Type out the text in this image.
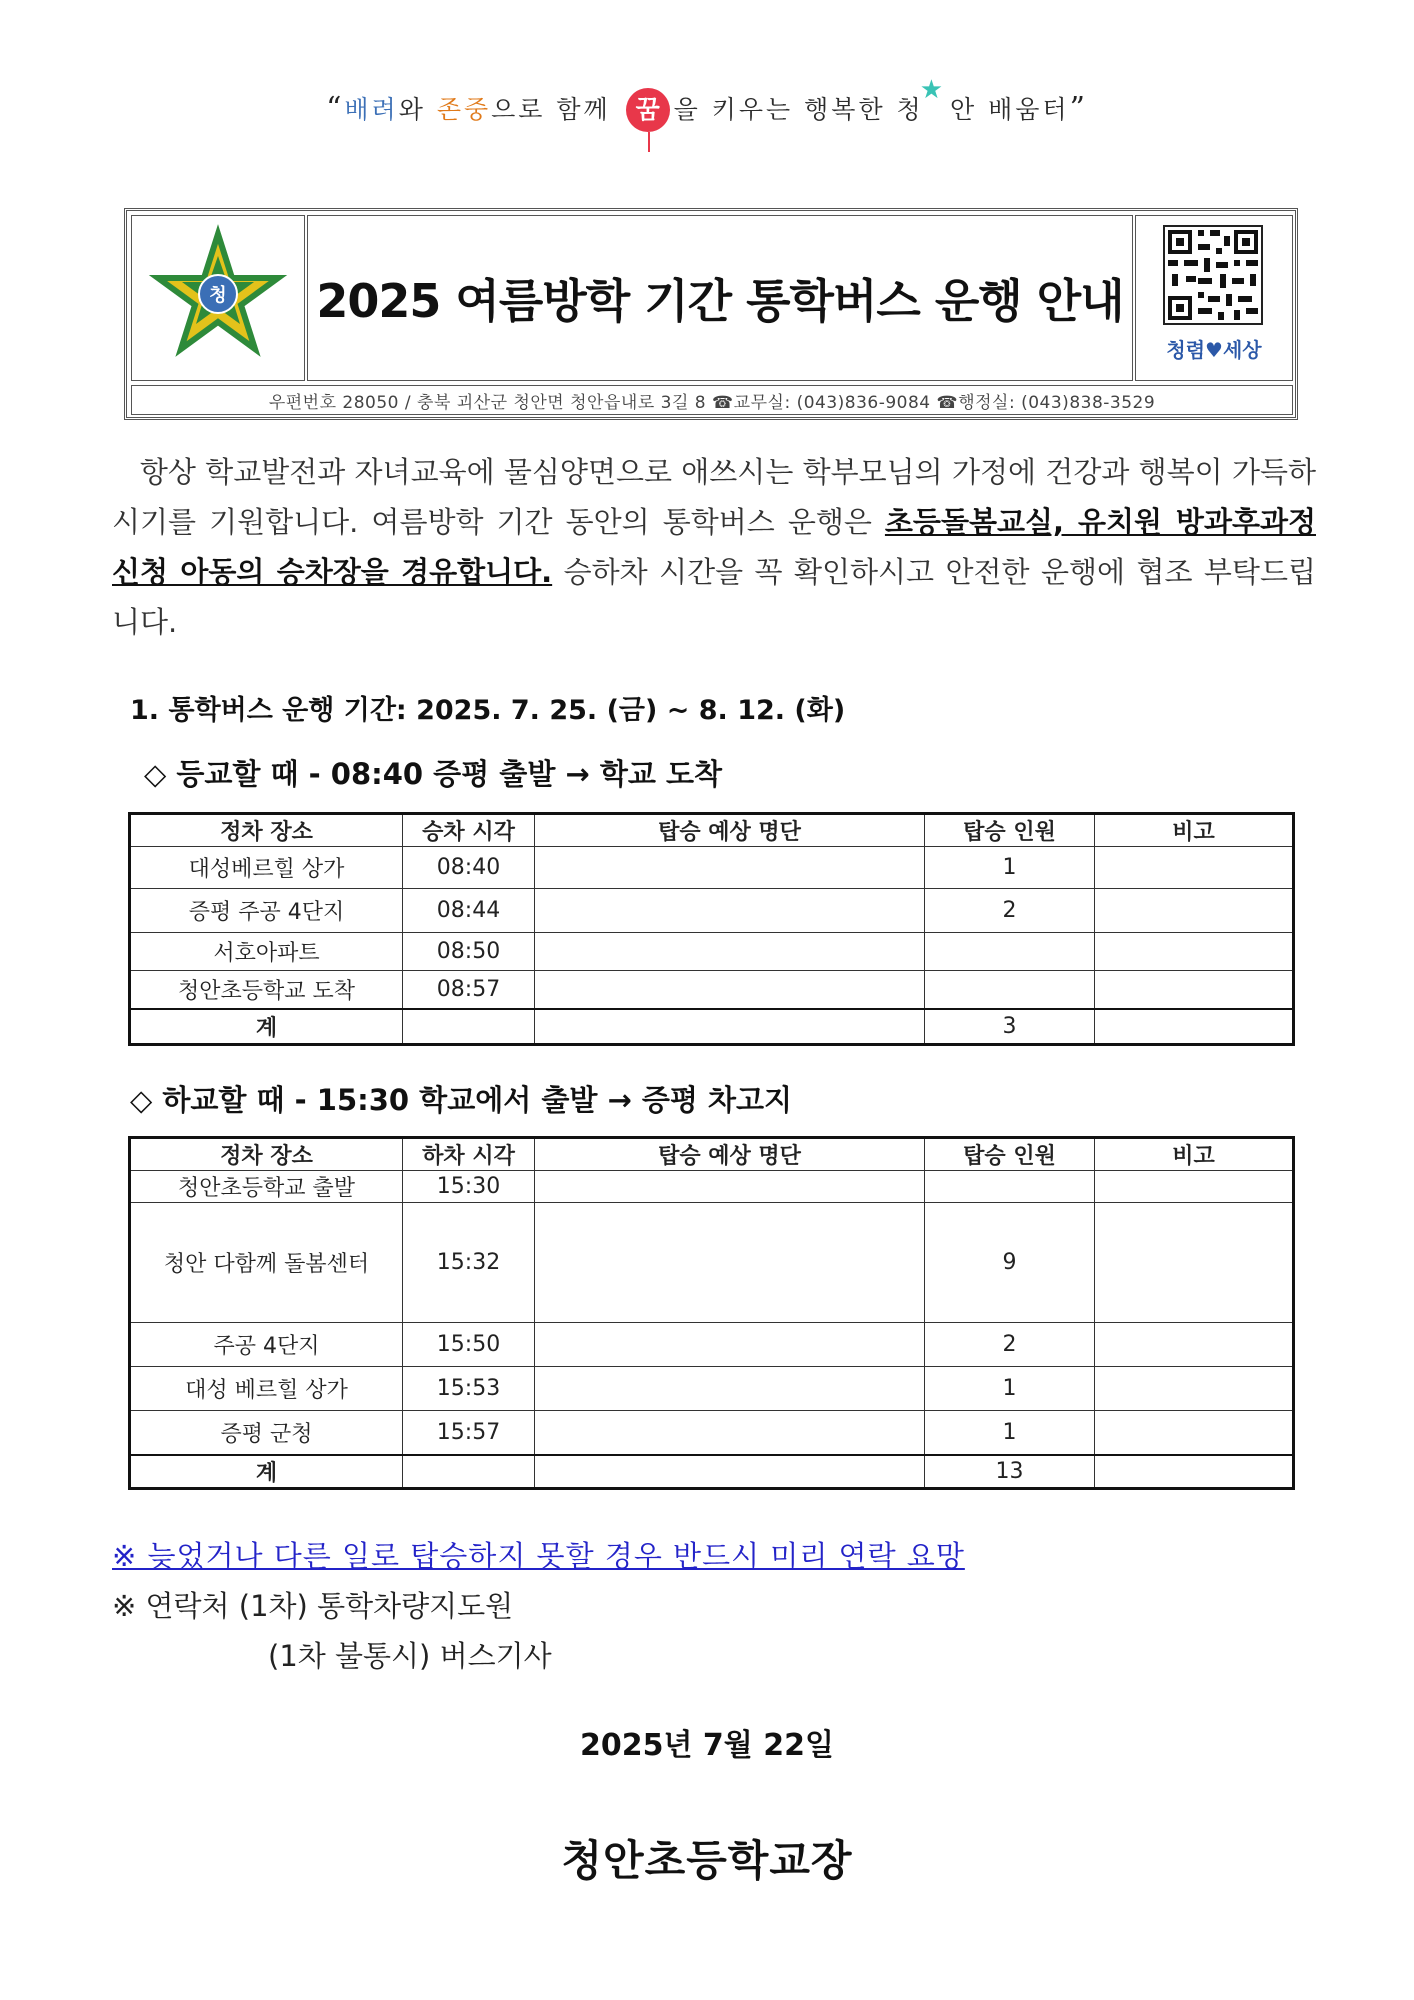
“배려와 존중으로 함께 꿈 을 키우는 행복한 청★안 배움터”
청 2025 여름방학 기간 통학버스 운행 안내
청렴♥세상
우편번호 28050 / 충북 괴산군 청안면 청안읍내로 3길 8 ☎교무실: (043)836-9084 ☎행정실: (043)838-3529
항상 학교발전과 자녀교육에 물심양면으로 애쓰시는 학부모님의 가정에 건강과 행복이 가득하시기를 기원합니다. 여름방학 기간 동안의 통학버스 운행은 초등돌봄교실, 유치원 방과후과정 신청 아동의 승차장을 경유합니다. 승하차 시간을 꼭 확인하시고 안전한 운행에 협조 부탁드립니다.
1. 통학버스 운행 기간: 2025. 7. 25. (금) ~ 8. 12. (화)
◇ 등교할 때 - 08:40 증평 출발 → 학교 도착
정차 장소	승차 시각	탑승 예상 명단	탑승 인원	비고
대성베르힐 상가	08:40		1	
증평 주공 4단지	08:44		2	
서호아파트	08:50			
청안초등학교 도착	08:57			
계			3	
◇ 하교할 때 - 15:30 학교에서 출발 → 증평 차고지
정차 장소	하차 시각	탑승 예상 명단	탑승 인원	비고
청안초등학교 출발	15:30			
청안 다함께 돌봄센터	15:32		9	
주공 4단지	15:50		2	
대성 베르힐 상가	15:53		1	
증평 군청	15:57		1	
계			13	
※ 늦었거나 다른 일로 탑승하지 못할 경우 반드시 미리 연락 요망
※ 연락처 (1차) 통학차량지도원
(1차 불통시) 버스기사
2025년 7월 22일
청안초등학교장
